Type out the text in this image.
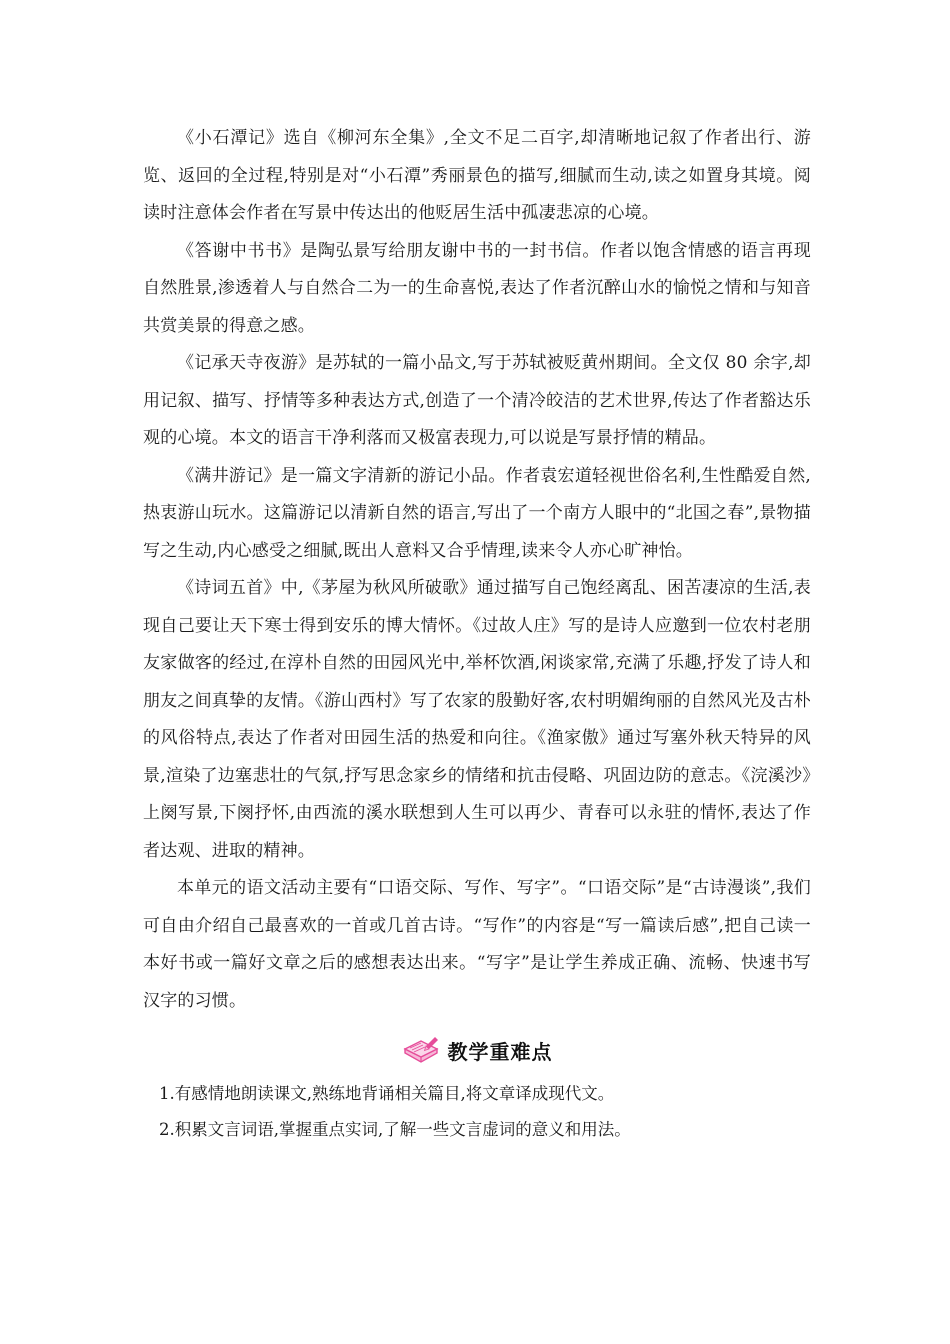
《小石潭记》选自《柳河东全集》,全文不足二百字,却清晰地记叙了作者出行、游览、返回的全过程,特别是对“小石潭”秀丽景色的描写,细腻而生动,读之如置身其境。阅读时注意体会作者在写景中传达出的他贬居生活中孤凄悲凉的心境。

《答谢中书书》是陶弘景写给朋友谢中书的一封书信。作者以饱含情感的语言再现自然胜景,渗透着人与自然合二为一的生命喜悦,表达了作者沉醉山水的愉悦之情和与知音共赏美景的得意之感。

《记承天寺夜游》是苏轼的一篇小品文,写于苏轼被贬黄州期间。全文仅 80 余字,却用记叙、描写、抒情等多种表达方式,创造了一个清冷皎洁的艺术世界,传达了作者豁达乐观的心境。本文的语言干净利落而又极富表现力,可以说是写景抒情的精品。

《满井游记》是一篇文字清新的游记小品。作者袁宏道轻视世俗名利,生性酷爱自然,热衷游山玩水。这篇游记以清新自然的语言,写出了一个南方人眼中的“北国之春”,景物描写之生动,内心感受之细腻,既出人意料又合乎情理,读来令人亦心旷神怡。

《诗词五首》中,《茅屋为秋风所破歌》通过描写自己饱经离乱、困苦凄凉的生活,表现自己要让天下寒士得到安乐的博大情怀。《过故人庄》写的是诗人应邀到一位农村老朋友家做客的经过,在淳朴自然的田园风光中,举杯饮酒,闲谈家常,充满了乐趣,抒发了诗人和朋友之间真挚的友情。《游山西村》写了农家的殷勤好客,农村明媚绚丽的自然风光及古朴的风俗特点,表达了作者对田园生活的热爱和向往。《渔家傲》通过写塞外秋天特异的风景,渲染了边塞悲壮的气氛,抒写思念家乡的情绪和抗击侵略、巩固边防的意志。《浣溪沙》上阕写景,下阕抒怀,由西流的溪水联想到人生可以再少、青春可以永驻的情怀,表达了作者达观、进取的精神。

本单元的语文活动主要有“口语交际、写作、写字”。“口语交际”是“古诗漫谈”,我们可自由介绍自己最喜欢的一首或几首古诗。“写作”的内容是“写一篇读后感”,把自己读一本好书或一篇好文章之后的感想表达出来。“写字”是让学生养成正确、流畅、快速书写汉字的习惯。

教学重难点

1.有感情地朗读课文,熟练地背诵相关篇目,将文章译成现代文。

2.积累文言词语,掌握重点实词,了解一些文言虚词的意义和用法。
